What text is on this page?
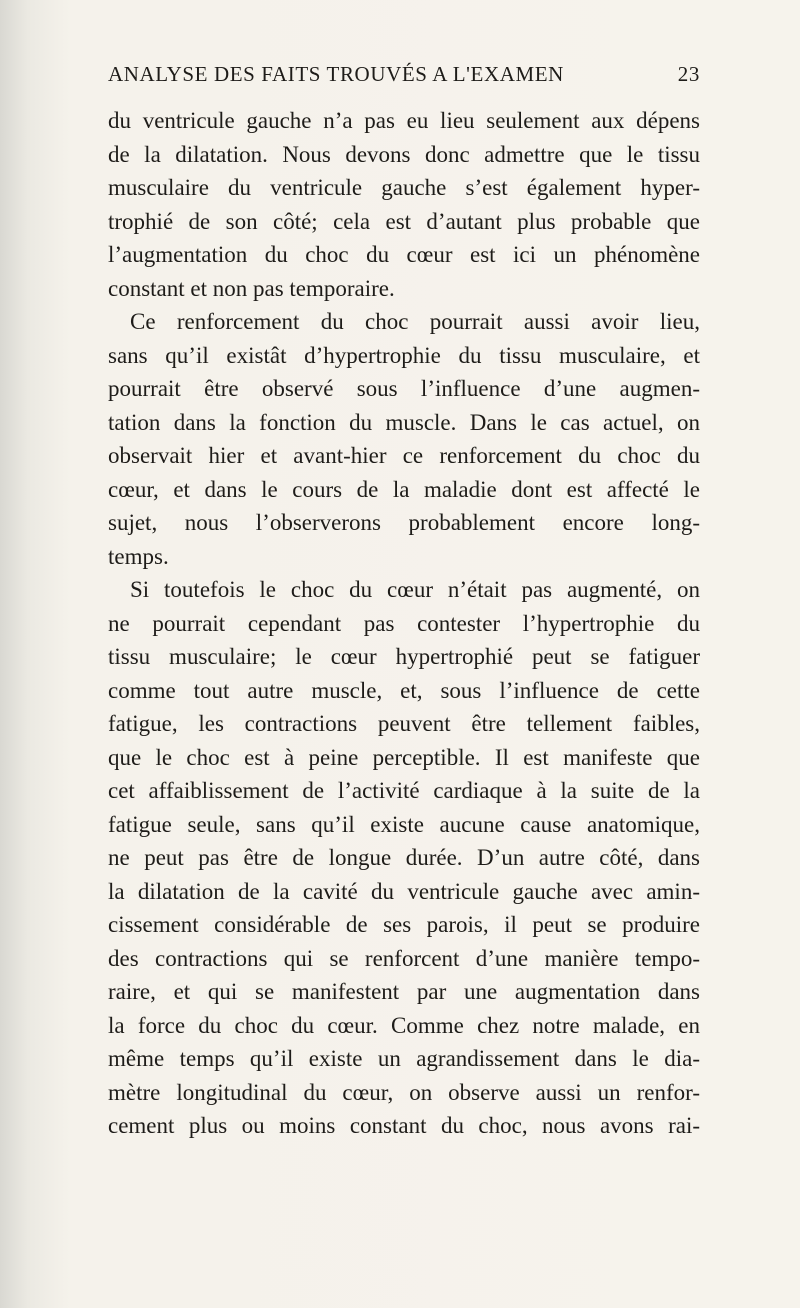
ANALYSE DES FAITS TROUVÉS A L'EXAMEN	23
du ventricule gauche n’a pas eu lieu seulement aux dépens
de la dilatation. Nous devons donc admettre que le tissu
musculaire du ventricule gauche s’est également hyper-
trophié de son côté; cela est d’autant plus probable que
l’augmentation du choc du cœur est ici un phénomène
constant et non pas temporaire.
Ce renforcement du choc pourrait aussi avoir lieu,
sans qu’il existât d’hypertrophie du tissu musculaire, et
pourrait être observé sous l’influence d’une augmen-
tation dans la fonction du muscle. Dans le cas actuel, on
observait hier et avant-hier ce renforcement du choc du
cœur, et dans le cours de la maladie dont est affecté le
sujet, nous l’observerons probablement encore long-
temps.
Si toutefois le choc du cœur n’était pas augmenté, on
ne pourrait cependant pas contester l’hypertrophie du
tissu musculaire; le cœur hypertrophié peut se fatiguer
comme tout autre muscle, et, sous l’influence de cette
fatigue, les contractions peuvent être tellement faibles,
que le choc est à peine perceptible. Il est manifeste que
cet affaiblissement de l’activité cardiaque à la suite de la
fatigue seule, sans qu’il existe aucune cause anatomique,
ne peut pas être de longue durée. D’un autre côté, dans
la dilatation de la cavité du ventricule gauche avec amin-
cissement considérable de ses parois, il peut se produire
des contractions qui se renforcent d’une manière tempo-
raire, et qui se manifestent par une augmentation dans
la force du choc du cœur. Comme chez notre malade, en
même temps qu’il existe un agrandissement dans le dia-
mètre longitudinal du cœur, on observe aussi un renfor-
cement plus ou moins constant du choc, nous avons rai-
